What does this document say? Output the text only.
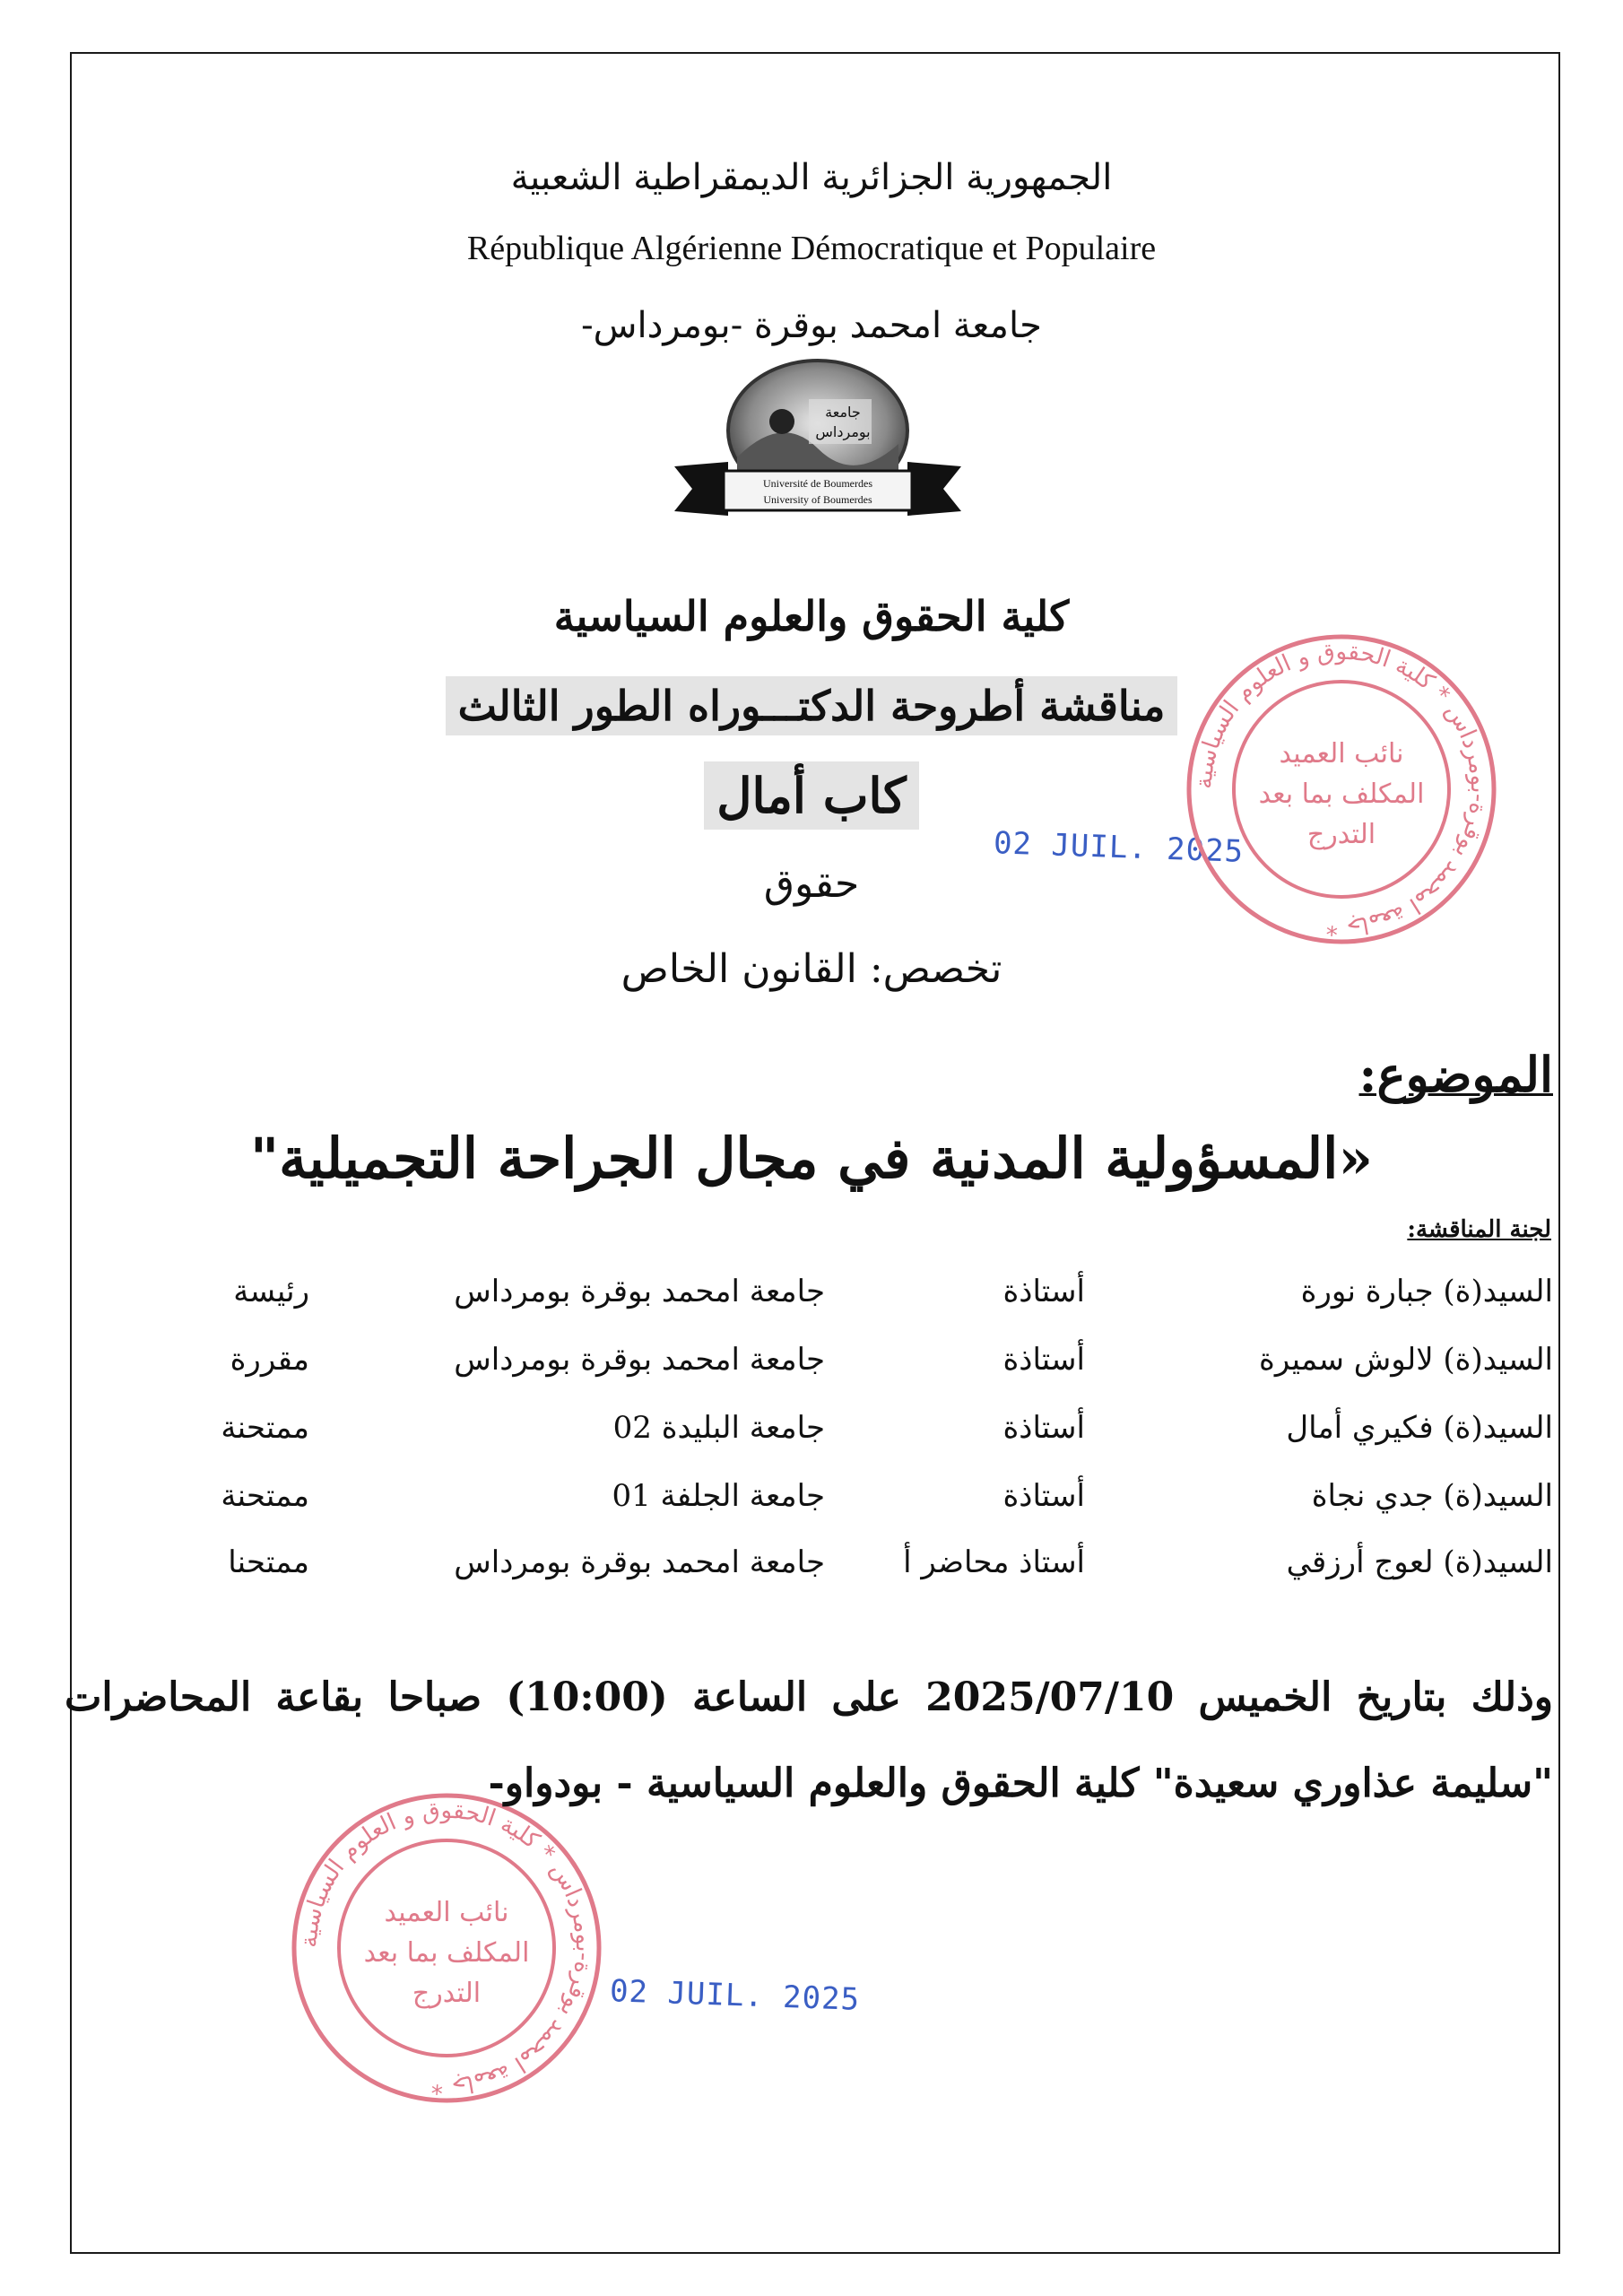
الجمهورية الجزائرية الديمقراطية الشعبية
République Algérienne Démocratique et Populaire
جامعة امحمد بوقرة -بومرداس-
جامعة
بومرداس
Université de Boumerdes
University of Boumerdes
كلية الحقوق والعلوم السياسية
مناقشة أطروحة الدكتـــوراه الطور الثالث
كاب أمال
حقوق
تخصص: القانون الخاص
02 JUIL. 2025
02 JUIL. 2025
جامعة امحمد بوقرة-بومرداس * كلية الحقوق و العلوم السياسية *
نائب العميد
المكلف بما بعد
التدرج
جامعة امحمد بوقرة-بومرداس * كلية الحقوق و العلوم السياسية *
نائب العميد
المكلف بما بعد
التدرج
الموضوع:
«المسؤولية المدنية في مجال الجراحة التجميلية"
لجنة المناقشة:
السيد(ة) جبارة نورة
أستاذة
جامعة امحمد بوقرة بومرداس
رئيسة
السيد(ة) لالوش سميرة
أستاذة
جامعة امحمد بوقرة بومرداس
مقررة
السيد(ة) فكيري أمال
أستاذة
جامعة البليدة 02
ممتحنة
السيد(ة) جدي نجاة
أستاذة
جامعة الجلفة 01
ممتحنة
السيد(ة) لعوج أرزقي
أستاذ محاضر أ
جامعة امحمد بوقرة بومرداس
ممتحنا
وذلك بتاريخ الخميس 2025/07/10 على الساعة (10:00) صباحا بقاعة المحاضرات "سليمة عذاوري سعيدة" كلية الحقوق والعلوم السياسية - بودواو-
